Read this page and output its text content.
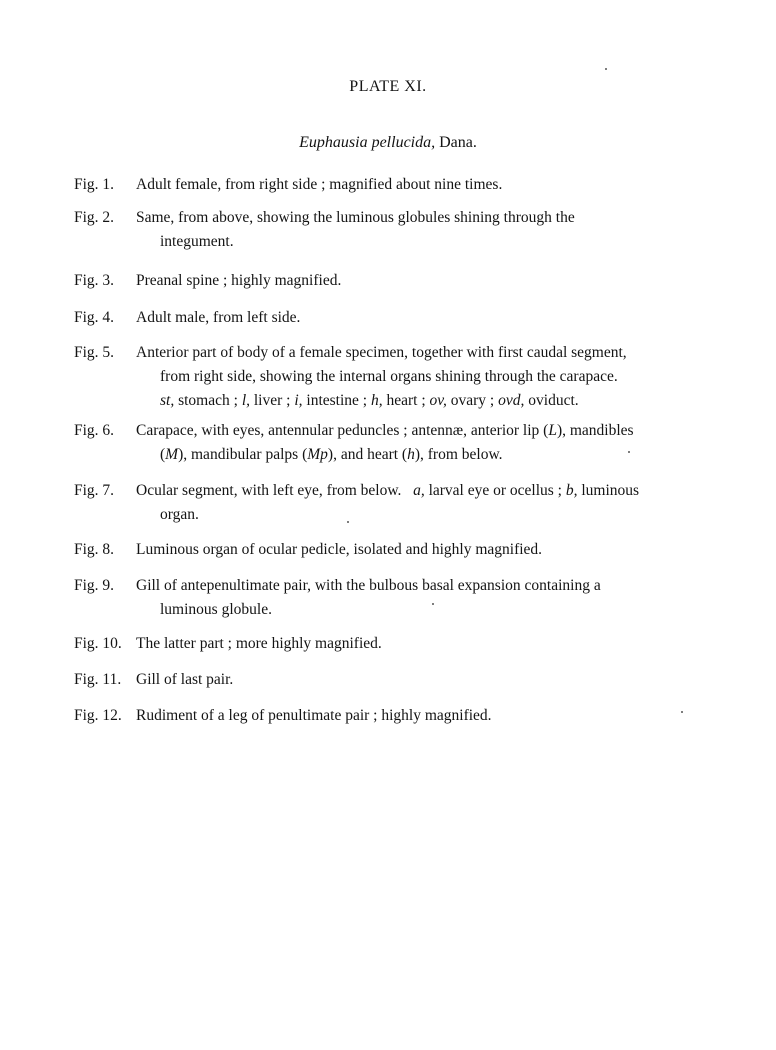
PLATE XI.
Euphausia pellucida, Dana.
Fig. 1.	Adult female, from right side ; magnified about nine times.
Fig. 2.	Same, from above, showing the luminous globules shining through the
integument.
Fig. 3.	Preanal spine ; highly magnified.
Fig. 4.	Adult male, from left side.
Fig. 5.	Anterior part of body of a female specimen, together with first caudal segment,
from right side, showing the internal organs shining through the carapace.
st, stomach ; l, liver ; i, intestine ; h, heart ; ov, ovary ; ovd, oviduct.
Fig. 6.	Carapace, with eyes, antennular peduncles ; antennæ, anterior lip (L), mandibles
(M), mandibular palps (Mp), and heart (h), from below.
Fig. 7.	Ocular segment, with left eye, from below. a, larval eye or ocellus ; b, luminous
organ.
Fig. 8.	Luminous organ of ocular pedicle, isolated and highly magnified.
Fig. 9.	Gill of antepenultimate pair, with the bulbous basal expansion containing a
luminous globule.
Fig. 10. The latter part ; more highly magnified.
Fig. 11. Gill of last pair.
Fig. 12. Rudiment of a leg of penultimate pair ; highly magnified.
